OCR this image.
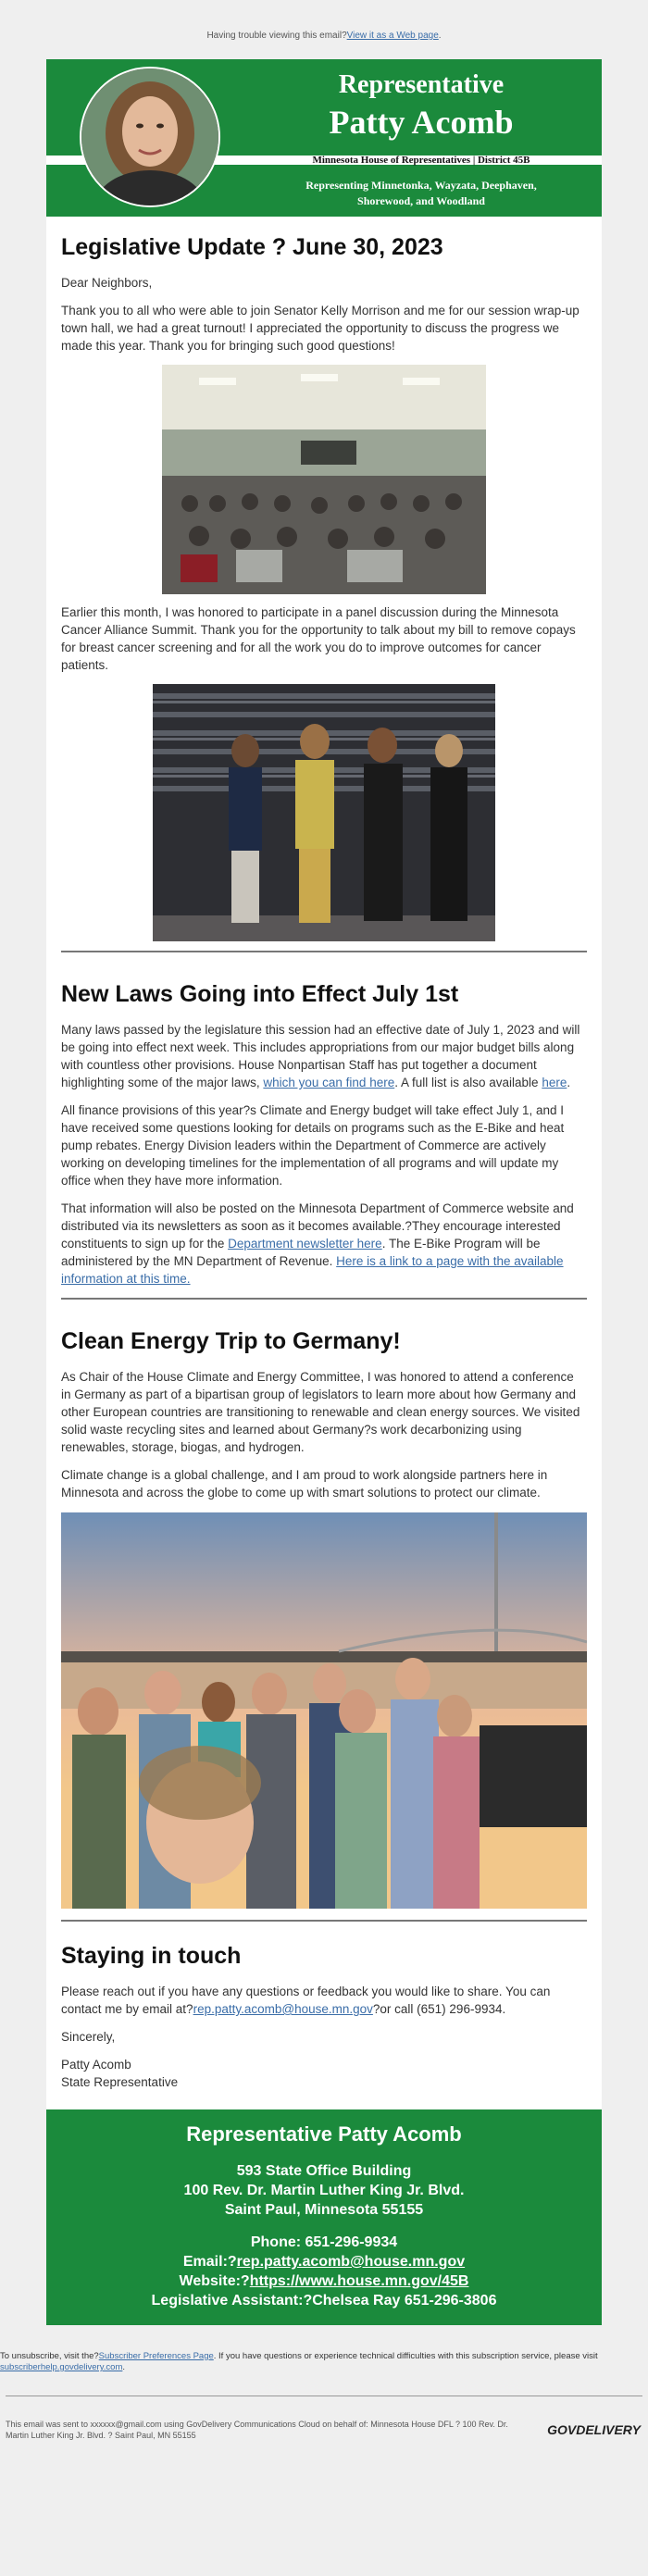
Having trouble viewing this email?View it as a Web page.
Representative
Patty Acomb
Minnesota House of Representatives | District 45B
Representing Minnetonka, Wayzata, Deephaven,
Shorewood, and Woodland
Legislative Update ? June 30, 2023

Dear Neighbors,

Thank you to all who were able to join Senator Kelly Morrison and me for our session wrap-up town hall, we had a great turnout! I appreciated the opportunity to discuss the progress we made this year. Thank you for bringing such good questions!

Earlier this month, I was honored to participate in a panel discussion during the Minnesota Cancer Alliance Summit. Thank you for the opportunity to talk about my bill to remove copays for breast cancer screening and for all the work you do to improve outcomes for cancer patients.

New Laws Going into Effect July 1st

Many laws passed by the legislature this session had an effective date of July 1, 2023 and will be going into effect next week. This includes appropriations from our major budget bills along with countless other provisions. House Nonpartisan Staff has put together a document highlighting some of the major laws, which you can find here. A full list is also available here.

All finance provisions of this year?s Climate and Energy budget will take effect July 1, and I have received some questions looking for details on programs such as the E-Bike and heat pump rebates. Energy Division leaders within the Department of Commerce are actively working on developing timelines for the implementation of all programs and will update my office when they have more information.

That information will also be posted on the Minnesota Department of Commerce website and distributed via its newsletters as soon as it becomes available.?They encourage interested constituents to sign up for the Department newsletter here. The E-Bike Program will be administered by the MN Department of Revenue. Here is a link to a page with the available information at this time.

Clean Energy Trip to Germany!

As Chair of the House Climate and Energy Committee, I was honored to attend a conference in Germany as part of a bipartisan group of legislators to learn more about how Germany and other European countries are transitioning to renewable and clean energy sources. We visited solid waste recycling sites and learned about Germany?s work decarbonizing using renewables, storage, biogas, and hydrogen.

Climate change is a global challenge, and I am proud to work alongside partners here in Minnesota and across the globe to come up with smart solutions to protect our climate.

Staying in touch

Please reach out if you have any questions or feedback you would like to share. You can contact me by email at?rep.patty.acomb@house.mn.gov?or call (651) 296-9934.

Sincerely,

Patty Acomb
State Representative

Representative Patty Acomb
593 State Office Building
100 Rev. Dr. Martin Luther King Jr. Blvd.
Saint Paul, Minnesota 55155
Phone: 651-296-9934
Email:?rep.patty.acomb@house.mn.gov
Website:?https://www.house.mn.gov/45B
Legislative Assistant:?Chelsea Ray 651-296-3806
To unsubscribe, visit the?Subscriber Preferences Page. If you have questions or experience technical difficulties with this subscription service, please visit subscriberhelp.govdelivery.com.
This email was sent to xxxxxx@gmail.com using GovDelivery Communications Cloud on behalf of: Minnesota House DFL ? 100 Rev. Dr. Martin Luther King Jr. Blvd. ? Saint Paul, MN 55155	GOVDELIVERY
